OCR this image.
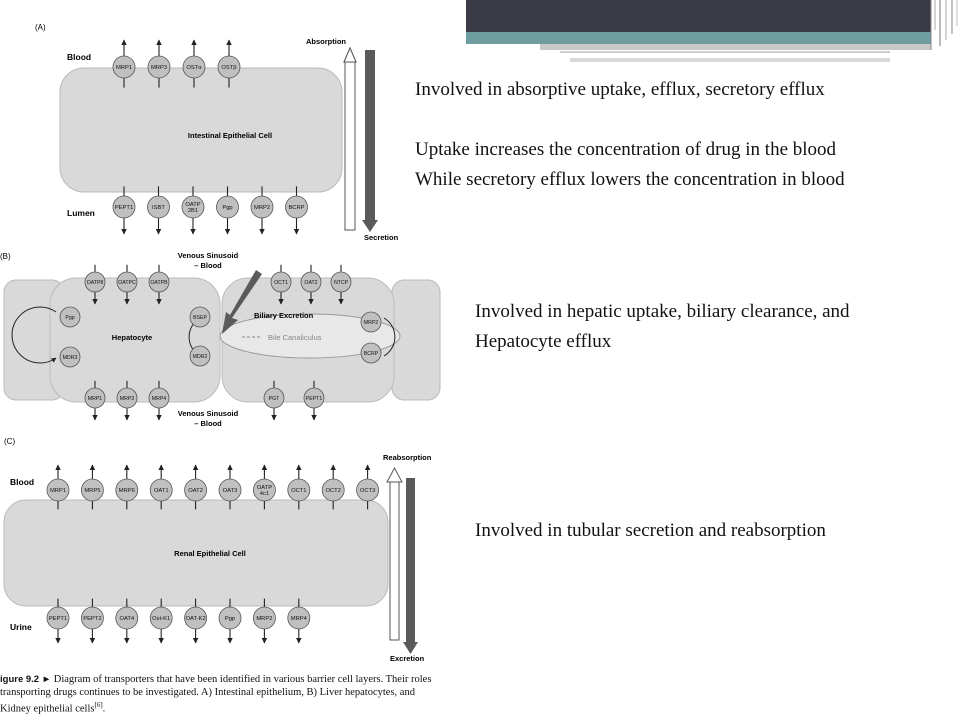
(A)
Blood
Lumen
Intestinal Epithelial Cell
MRP1	MRP3	OSTα	OSTβ
PEPT1	ISBT
OATP
2B1
Pgp	MRP2	BCRP
Absorption
Secretion
(B)	Venous Sinusoid
– Blood
Hepatocyte
Biliary Excretion
Bile Canaliculus
OATP8	OATPC	OATPB	OCT1	OAT2	NTCP
Pgp
MDR3
BSEP
MDR2
MRP2
BCRP
MRP1	MRP3	MRP4	PGT	PEPT1
Venous Sinusoid
– Blood
(C)
Blood
Urine
Renal Epithelial Cell
MRP1	MRP5	MRP6	OAT1	OAT2	OAT3
OATP
4c1
OCT1	OCT2	OCT3
PEPT1	PEPT2	OAT4	Ost-K1	OAT-K2	Pgp	MRP2	MRP4
Reabsorption
Excretion
Involved in absorptive uptake, efflux, secretory efflux
Uptake increases the concentration of drug in the blood
While secretory efflux lowers the concentration in blood
Involved in hepatic uptake, biliary clearance, and
Hepatocyte efflux
Involved in tubular secretion and reabsorption
igure 9.2 ► Diagram of transporters that have been identified in various barrier cell layers. Their roles
transporting drugs continues to be investigated. A) Intestinal epithelium, B) Liver hepatocytes, and
Kidney epithelial cells[6].
